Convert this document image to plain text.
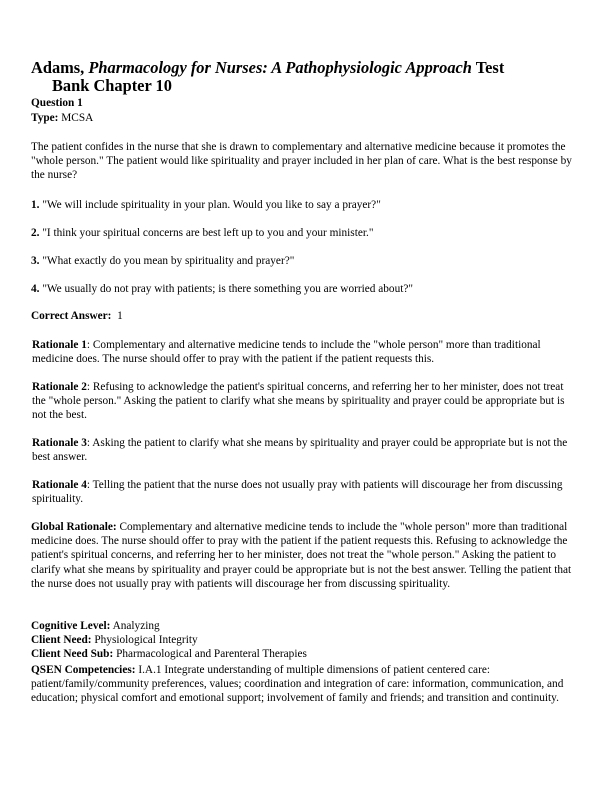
Adams, Pharmacology for Nurses: A Pathophysiologic Approach Test
Bank Chapter 10
Question 1
Type: MCSA
The patient confides in the nurse that she is drawn to complementary and alternative medicine because it promotes the "whole person." The patient would like spirituality and prayer included in her plan of care. What is the best response by the nurse?
1. "We will include spirituality in your plan. Would you like to say a prayer?"
2. "I think your spiritual concerns are best left up to you and your minister."
3. "What exactly do you mean by spirituality and prayer?"
4. "We usually do not pray with patients; is there something you are worried about?"
Correct Answer: 1
Rationale 1: Complementary and alternative medicine tends to include the "whole person" more than traditional medicine does. The nurse should offer to pray with the patient if the patient requests this.
Rationale 2: Refusing to acknowledge the patient's spiritual concerns, and referring her to her minister, does not treat the "whole person." Asking the patient to clarify what she means by spirituality and prayer could be appropriate but is not the best.
Rationale 3: Asking the patient to clarify what she means by spirituality and prayer could be appropriate but is not the best answer.
Rationale 4: Telling the patient that the nurse does not usually pray with patients will discourage her from discussing spirituality.
Global Rationale: Complementary and alternative medicine tends to include the "whole person" more than traditional medicine does. The nurse should offer to pray with the patient if the patient requests this. Refusing to acknowledge the patient's spiritual concerns, and referring her to her minister, does not treat the "whole person." Asking the patient to clarify what she means by spirituality and prayer could be appropriate but is not the best answer. Telling the patient that the nurse does not usually pray with patients will discourage her from discussing spirituality.
Cognitive Level: Analyzing
Client Need: Physiological Integrity
Client Need Sub: Pharmacological and Parenteral Therapies
QSEN Competencies: I.A.1 Integrate understanding of multiple dimensions of patient centered care: patient/family/community preferences, values; coordination and integration of care: information, communication, and education; physical comfort and emotional support; involvement of family and friends; and transition and continuity.
